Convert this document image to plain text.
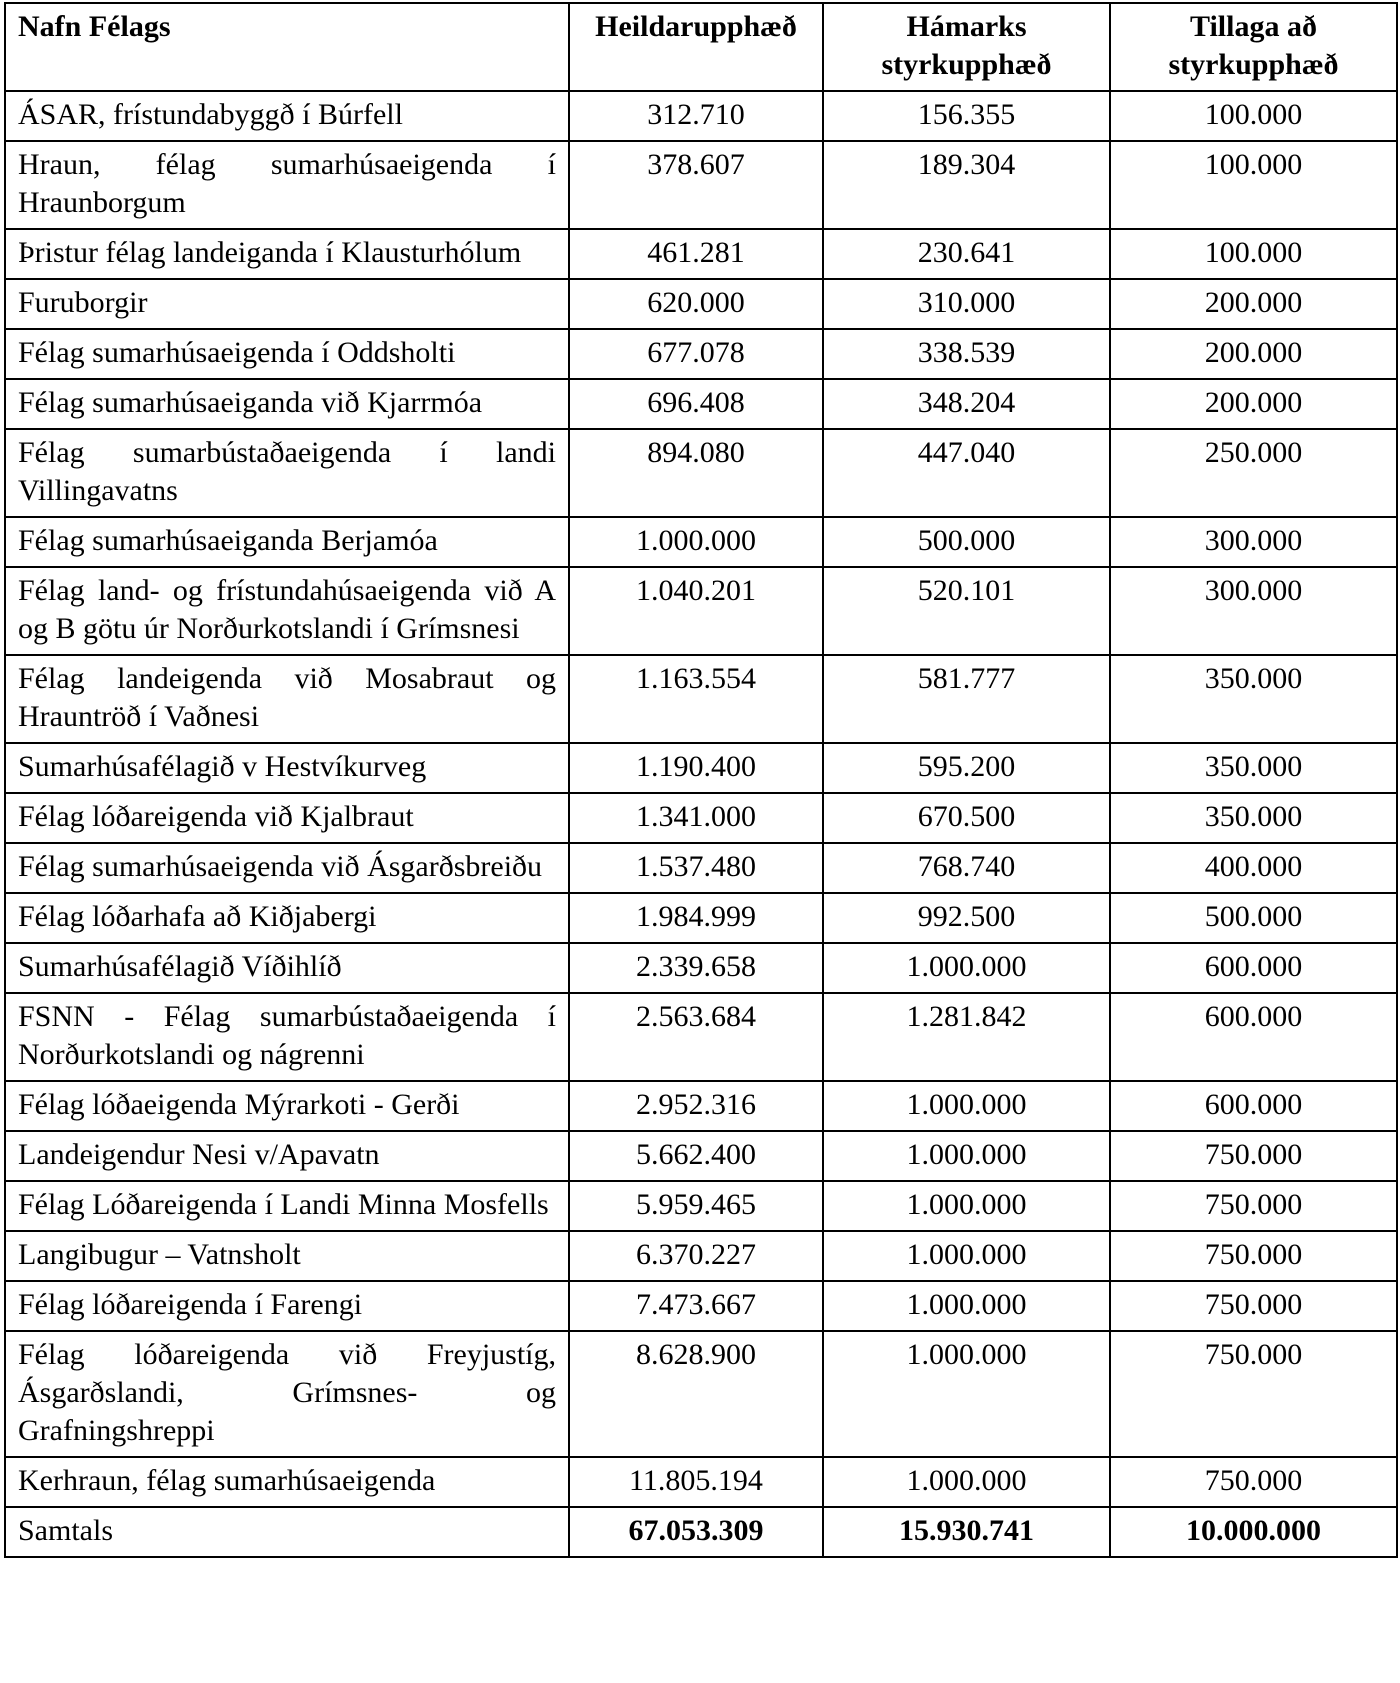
Nafn Félags	Heildarupphæð	Hámarks styrkupphæð	Tillaga að styrkupphæð
ÁSAR, frístundabyggð í Búrfell	312.710	156.355	100.000
Hraun, félag sumarhúsaeigenda í Hraunborgum	378.607	189.304	100.000
Þristur félag landeiganda í Klausturhólum	461.281	230.641	100.000
Furuborgir	620.000	310.000	200.000
Félag sumarhúsaeigenda í Oddsholti	677.078	338.539	200.000
Félag sumarhúsaeiganda við Kjarrmóa	696.408	348.204	200.000
Félag sumarbústaðaeigenda í landi Villingavatns	894.080	447.040	250.000
Félag sumarhúsaeiganda Berjamóa	1.000.000	500.000	300.000
Félag land- og frístundahúsaeigenda við A og B götu úr Norðurkotslandi í Grímsnesi	1.040.201	520.101	300.000
Félag landeigenda við Mosabraut og Hrauntröð í Vaðnesi	1.163.554	581.777	350.000
Sumarhúsafélagið v Hestvíkurveg	1.190.400	595.200	350.000
Félag lóðareigenda við Kjalbraut	1.341.000	670.500	350.000
Félag sumarhúsaeigenda við Ásgarðsbreiðu	1.537.480	768.740	400.000
Félag lóðarhafa að Kiðjabergi	1.984.999	992.500	500.000
Sumarhúsafélagið Víðihlíð	2.339.658	1.000.000	600.000
FSNN - Félag sumarbústaðaeigenda í Norðurkotslandi og nágrenni	2.563.684	1.281.842	600.000
Félag lóðaeigenda Mýrarkoti - Gerði	2.952.316	1.000.000	600.000
Landeigendur Nesi v/Apavatn	5.662.400	1.000.000	750.000
Félag Lóðareigenda í Landi Minna Mosfells	5.959.465	1.000.000	750.000
Langibugur – Vatnsholt	6.370.227	1.000.000	750.000
Félag lóðareigenda í Farengi	7.473.667	1.000.000	750.000
Félag lóðareigenda við Freyjustíg, Ásgarðslandi, Grímsnes- og Grafningshreppi	8.628.900	1.000.000	750.000
Kerhraun, félag sumarhúsaeigenda	11.805.194	1.000.000	750.000
Samtals	67.053.309	15.930.741	10.000.000
